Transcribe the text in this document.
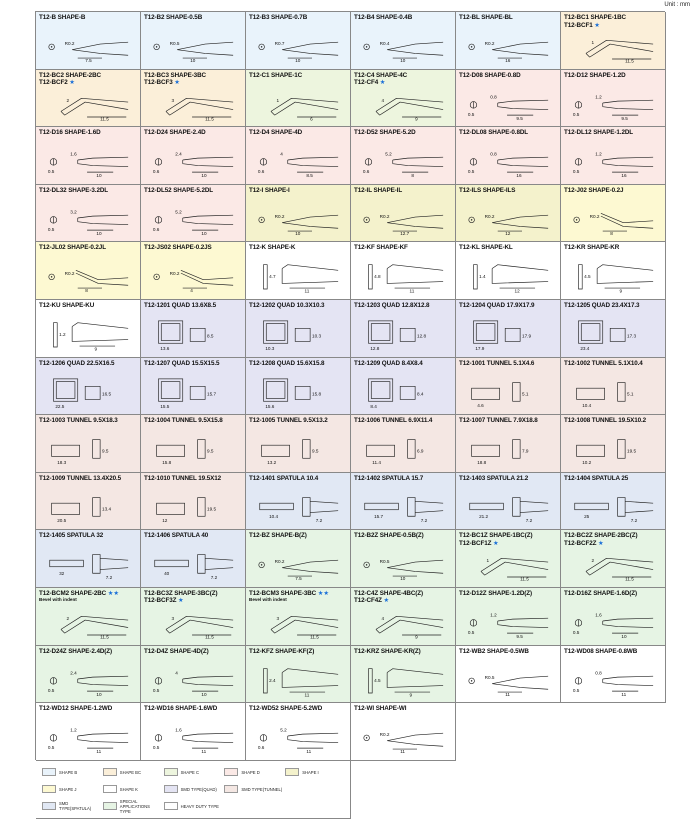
Unit : mm
T12-B SHAPE-B
R0.2
7.5
T12-B2 SHAPE-0.5B
R0.5
10
T12-B3 SHAPE-0.7B
R0.7
10
T12-B4 SHAPE-0.4B
R0.4
10
T12-BL SHAPE-BL
R0.2
16
T12-BC1 SHAPE-1BC
T12-BCF1 ★
1
11.5
T12-BC2 SHAPE-2BC
T12-BCF2 ★
2
11.5
T12-BC3 SHAPE-3BC
T12-BCF3 ★
3
11.5
T12-C1 SHAPE-1C
1
6
T12-C4 SHAPE-4C
T12-CF4 ★
4
9
T12-D08 SHAPE-0.8D
0.5
0.8
9.5
T12-D12 SHAPE-1.2D
0.5
1.2
9.5
T12-D16 SHAPE-1.6D
0.5
1.6
10
T12-D24 SHAPE-2.4D
0.6
2.4
10
T12-D4 SHAPE-4D
0.6
4
8.5
T12-D52 SHAPE-5.2D
0.6
5.2
8
T12-DL08 SHAPE-0.8DL
0.5
0.8
16
T12-DL12 SHAPE-1.2DL
0.5
1.2
16
T12-DL32 SHAPE-3.2DL
0.5
3.2
10
T12-DL52 SHAPE-5.2DL
0.6
5.2
10
T12-I SHAPE-I
R0.2
10
T12-IL SHAPE-IL
R0.2
12.7
T12-ILS SHAPE-ILS
R0.2
12
T12-J02 SHAPE-0.2J
R0.2
8
T12-JL02 SHAPE-0.2JL
R0.2
8
T12-JS02 SHAPE-0.2JS
R0.2
4
T12-K SHAPE-K
4.7
11
T12-KF SHAPE-KF
4.8
11
T12-KL SHAPE-KL
1.4
12
T12-KR SHAPE-KR
4.5
9
T12-KU SHAPE-KU
1.2
9
T12-1201 QUAD 13.6X8.5
13.6
8.5
T12-1202 QUAD 10.3X10.3
10.3
10.3
T12-1203 QUAD 12.8X12.8
12.8
12.8
T12-1204 QUAD 17.9X17.9
17.9
17.9
T12-1205 QUAD 23.4X17.3
23.4
17.3
T12-1206 QUAD 22.5X16.5
22.5
16.5
T12-1207 QUAD 15.5X15.5
15.5
15.7
T12-1208 QUAD 15.6X15.8
15.6
15.8
T12-1209 QUAD 8.4X8.4
8.4
8.4
T12-1001 TUNNEL 5.1X4.6
4.6
5.1
T12-1002 TUNNEL 5.1X10.4
10.4
5.1
T12-1003 TUNNEL 9.5X18.3
18.3
9.5
T12-1004 TUNNEL 9.5X15.8
15.8
9.5
T12-1005 TUNNEL 9.5X13.2
13.2
9.5
T12-1006 TUNNEL 6.9X11.4
11.4
6.9
T12-1007 TUNNEL 7.9X18.8
18.8
7.9
T12-1008 TUNNEL 19.5X10.2
10.2
19.5
T12-1009 TUNNEL 13.4X20.5
20.5
13.4
T12-1010 TUNNEL 19.5X12
12
19.5
T12-1401 SPATULA 10.4
10.4
7.2
T12-1402 SPATULA 15.7
15.7
7.2
T12-1403 SPATULA 21.2
21.2
7.2
T12-1404 SPATULA 25
25
7.2
T12-1405 SPATULA 32
32
7.2
T12-1406 SPATULA 40
40
7.2
T12-BZ SHAPE-B(Z)
R0.2
7.5
T12-B2Z SHAPE-0.5B(Z)
R0.5
10
T12-BC1Z SHAPE-1BC(Z)
T12-BCF1Z ★
1
11.5
T12-BC2Z SHAPE-2BC(Z)
T12-BCF2Z ★
2
11.5
T12-BCM2 SHAPE-2BC ★★
Bevel with indent
2
11.5
T12-BC3Z SHAPE-3BC(Z)
T12-BCF3Z ★
3
11.5
T12-BCM3 SHAPE-3BC ★★
Bevel with indent
3
11.5
T12-C4Z SHAPE-4BC(Z)
T12-CF4Z ★
4
9
T12-D12Z SHAPE-1.2D(Z)
0.5
1.2
9.5
T12-D16Z SHAPE-1.6D(Z)
0.5
1.6
10
T12-D24Z SHAPE-2.4D(Z)
0.5
2.4
10
T12-D4Z SHAPE-4D(Z)
0.5
4
10
T12-KFZ SHAPE-KF(Z)
2.4
11
T12-KRZ SHAPE-KR(Z)
4.5
9
T12-WB2 SHAPE-0.5WB
R0.5
11
T12-WD08 SHAPE-0.8WB
0.5
0.8
11
T12-WD12 SHAPE-1.2WD
0.5
1.2
11
T12-WD16 SHAPE-1.6WD
0.5
1.6
11
T12-WD52 SHAPE-5.2WD
0.6
5.2
11
T12-WI SHAPE-WI
R0.2
11
SHAPE B	SHAPE BC	SHAPE C	SHAPE D	SHAPE I
SHAPE J	SHAPE K	SMD TYPE(QUAD)	SMD TYPE(TUNNEL)
SMD TYPE(SPATULA)
SPECIAL APPLICATIONS TYPE
HEAVY DUTY TYPE
